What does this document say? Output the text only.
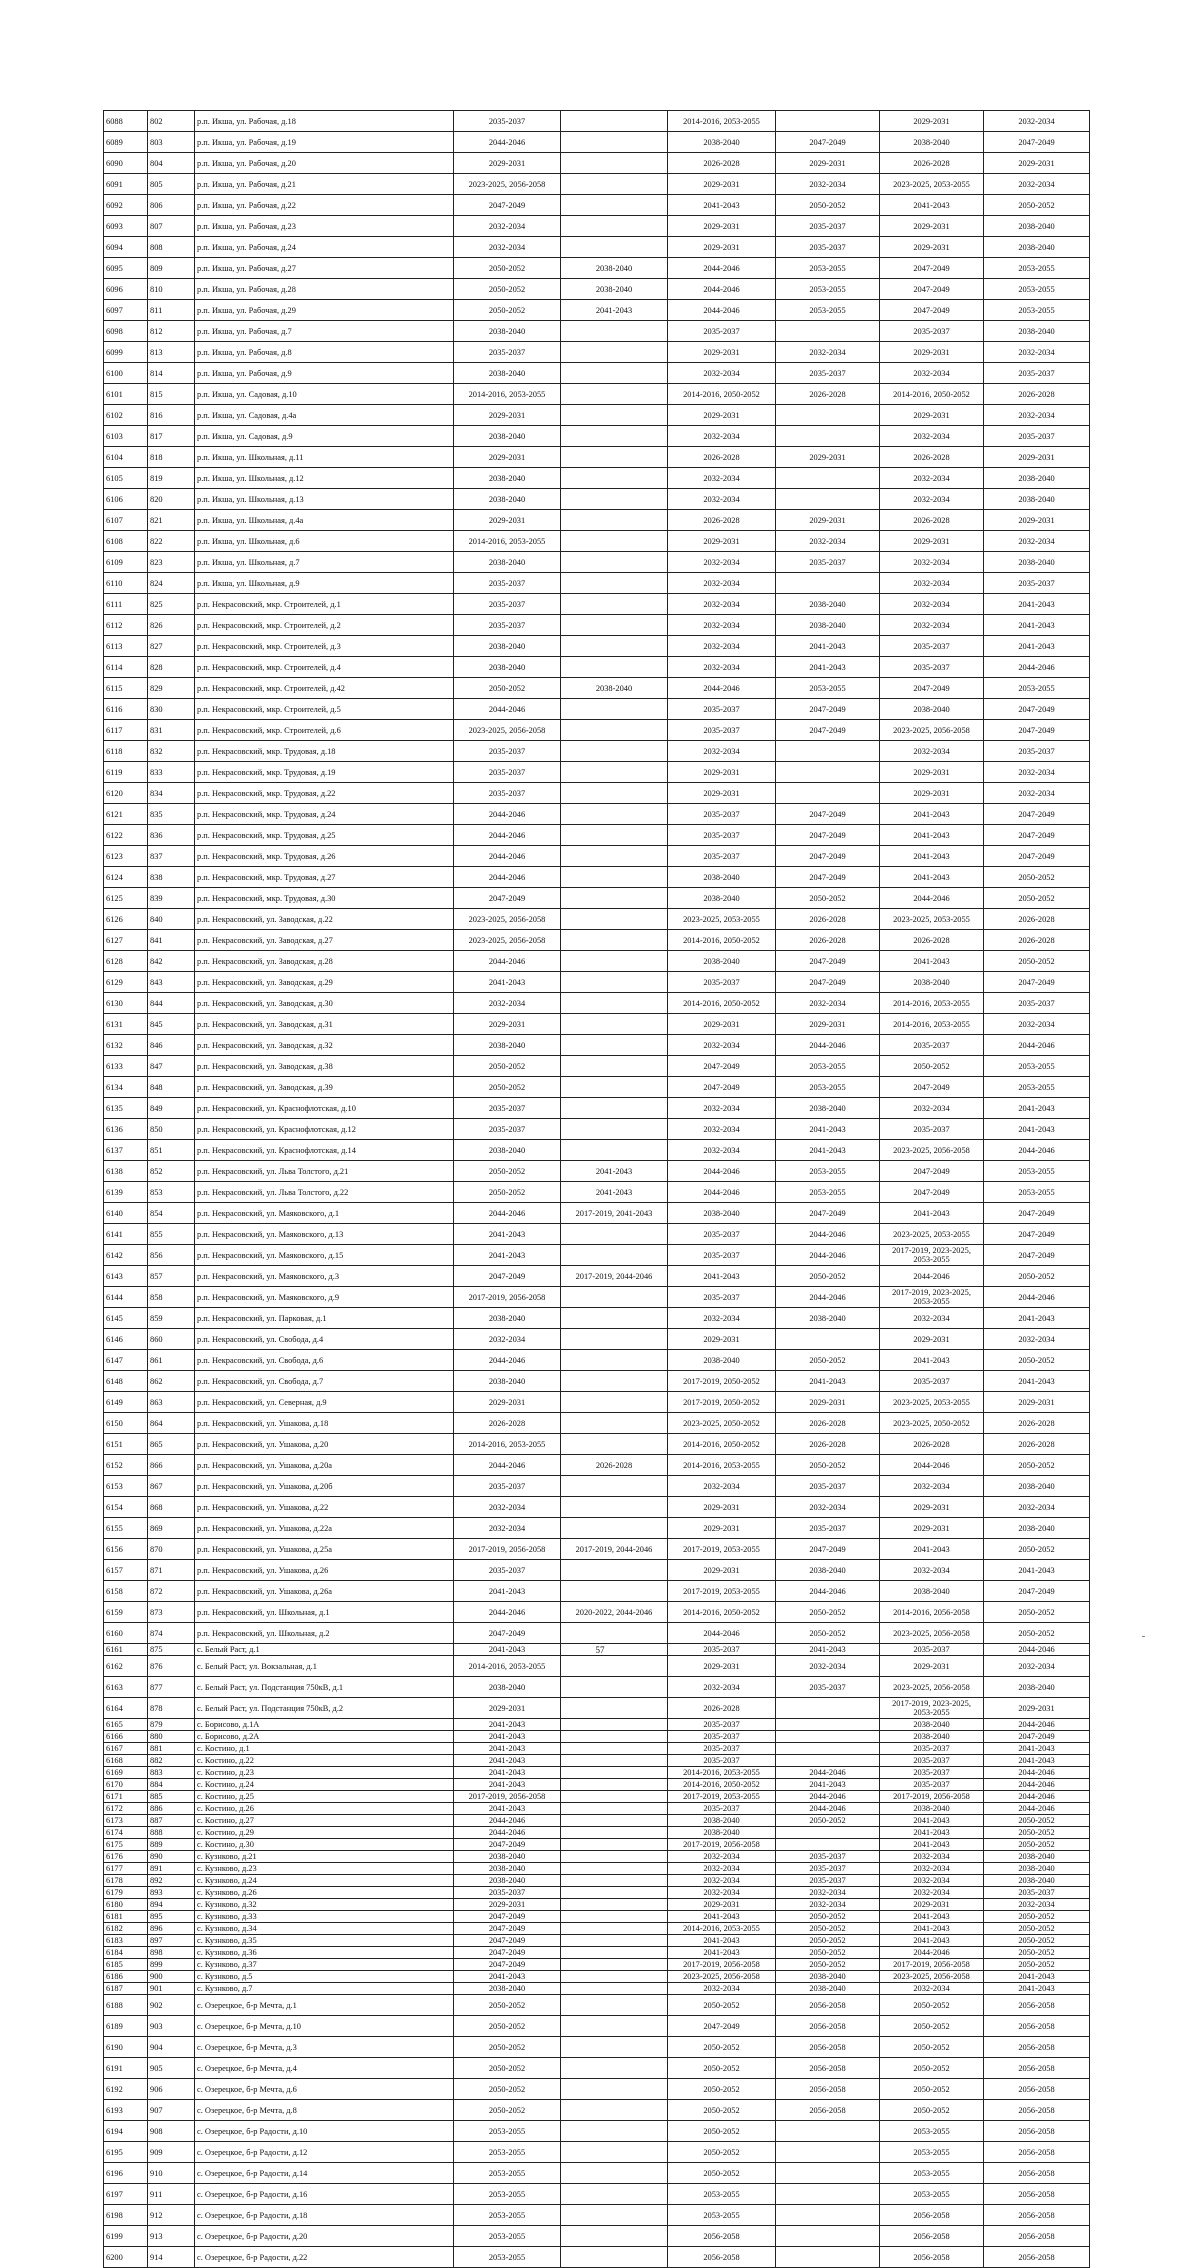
6088	802	р.п. Икша, ул. Рабочая, д.18	2035-2037		2014-2016, 2053-2055		2029-2031	2032-2034
6089	803	р.п. Икша, ул. Рабочая, д.19	2044-2046		2038-2040	2047-2049	2038-2040	2047-2049
6090	804	р.п. Икша, ул. Рабочая, д.20	2029-2031		2026-2028	2029-2031	2026-2028	2029-2031
6091	805	р.п. Икша, ул. Рабочая, д.21	2023-2025, 2056-2058		2029-2031	2032-2034	2023-2025, 2053-2055	2032-2034
6092	806	р.п. Икша, ул. Рабочая, д.22	2047-2049		2041-2043	2050-2052	2041-2043	2050-2052
6093	807	р.п. Икша, ул. Рабочая, д.23	2032-2034		2029-2031	2035-2037	2029-2031	2038-2040
6094	808	р.п. Икша, ул. Рабочая, д.24	2032-2034		2029-2031	2035-2037	2029-2031	2038-2040
6095	809	р.п. Икша, ул. Рабочая, д.27	2050-2052	2038-2040	2044-2046	2053-2055	2047-2049	2053-2055
6096	810	р.п. Икша, ул. Рабочая, д.28	2050-2052	2038-2040	2044-2046	2053-2055	2047-2049	2053-2055
6097	811	р.п. Икша, ул. Рабочая, д.29	2050-2052	2041-2043	2044-2046	2053-2055	2047-2049	2053-2055
6098	812	р.п. Икша, ул. Рабочая, д.7	2038-2040		2035-2037		2035-2037	2038-2040
6099	813	р.п. Икша, ул. Рабочая, д.8	2035-2037		2029-2031	2032-2034	2029-2031	2032-2034
6100	814	р.п. Икша, ул. Рабочая, д.9	2038-2040		2032-2034	2035-2037	2032-2034	2035-2037
6101	815	р.п. Икша, ул. Садовая, д.10	2014-2016, 2053-2055		2014-2016, 2050-2052	2026-2028	2014-2016, 2050-2052	2026-2028
6102	816	р.п. Икша, ул. Садовая, д.4а	2029-2031		2029-2031		2029-2031	2032-2034
6103	817	р.п. Икша, ул. Садовая, д.9	2038-2040		2032-2034		2032-2034	2035-2037
6104	818	р.п. Икша, ул. Школьная, д.11	2029-2031		2026-2028	2029-2031	2026-2028	2029-2031
6105	819	р.п. Икша, ул. Школьная, д.12	2038-2040		2032-2034		2032-2034	2038-2040
6106	820	р.п. Икша, ул. Школьная, д.13	2038-2040		2032-2034		2032-2034	2038-2040
6107	821	р.п. Икша, ул. Школьная, д.4а	2029-2031		2026-2028	2029-2031	2026-2028	2029-2031
6108	822	р.п. Икша, ул. Школьная, д.6	2014-2016, 2053-2055		2029-2031	2032-2034	2029-2031	2032-2034
6109	823	р.п. Икша, ул. Школьная, д.7	2038-2040		2032-2034	2035-2037	2032-2034	2038-2040
6110	824	р.п. Икша, ул. Школьная, д.9	2035-2037		2032-2034		2032-2034	2035-2037
6111	825	р.п. Некрасовский, мкр. Строителей, д.1	2035-2037		2032-2034	2038-2040	2032-2034	2041-2043
6112	826	р.п. Некрасовский, мкр. Строителей, д.2	2035-2037		2032-2034	2038-2040	2032-2034	2041-2043
6113	827	р.п. Некрасовский, мкр. Строителей, д.3	2038-2040		2032-2034	2041-2043	2035-2037	2041-2043
6114	828	р.п. Некрасовский, мкр. Строителей, д.4	2038-2040		2032-2034	2041-2043	2035-2037	2044-2046
6115	829	р.п. Некрасовский, мкр. Строителей, д.42	2050-2052	2038-2040	2044-2046	2053-2055	2047-2049	2053-2055
6116	830	р.п. Некрасовский, мкр. Строителей, д.5	2044-2046		2035-2037	2047-2049	2038-2040	2047-2049
6117	831	р.п. Некрасовский, мкр. Строителей, д.6	2023-2025, 2056-2058		2035-2037	2047-2049	2023-2025, 2056-2058	2047-2049
6118	832	р.п. Некрасовский, мкр. Трудовая, д.18	2035-2037		2032-2034		2032-2034	2035-2037
6119	833	р.п. Некрасовский, мкр. Трудовая, д.19	2035-2037		2029-2031		2029-2031	2032-2034
6120	834	р.п. Некрасовский, мкр. Трудовая, д.22	2035-2037		2029-2031		2029-2031	2032-2034
6121	835	р.п. Некрасовский, мкр. Трудовая, д.24	2044-2046		2035-2037	2047-2049	2041-2043	2047-2049
6122	836	р.п. Некрасовский, мкр. Трудовая, д.25	2044-2046		2035-2037	2047-2049	2041-2043	2047-2049
6123	837	р.п. Некрасовский, мкр. Трудовая, д.26	2044-2046		2035-2037	2047-2049	2041-2043	2047-2049
6124	838	р.п. Некрасовский, мкр. Трудовая, д.27	2044-2046		2038-2040	2047-2049	2041-2043	2050-2052
6125	839	р.п. Некрасовский, мкр. Трудовая, д.30	2047-2049		2038-2040	2050-2052	2044-2046	2050-2052
6126	840	р.п. Некрасовский, ул. Заводская, д.22	2023-2025, 2056-2058		2023-2025, 2053-2055	2026-2028	2023-2025, 2053-2055	2026-2028
6127	841	р.п. Некрасовский, ул. Заводская, д.27	2023-2025, 2056-2058		2014-2016, 2050-2052	2026-2028	2026-2028	2026-2028
6128	842	р.п. Некрасовский, ул. Заводская, д.28	2044-2046		2038-2040	2047-2049	2041-2043	2050-2052
6129	843	р.п. Некрасовский, ул. Заводская, д.29	2041-2043		2035-2037	2047-2049	2038-2040	2047-2049
6130	844	р.п. Некрасовский, ул. Заводская, д.30	2032-2034		2014-2016, 2050-2052	2032-2034	2014-2016, 2053-2055	2035-2037
6131	845	р.п. Некрасовский, ул. Заводская, д.31	2029-2031		2029-2031	2029-2031	2014-2016, 2053-2055	2032-2034
6132	846	р.п. Некрасовский, ул. Заводская, д.32	2038-2040		2032-2034	2044-2046	2035-2037	2044-2046
6133	847	р.п. Некрасовский, ул. Заводская, д.38	2050-2052		2047-2049	2053-2055	2050-2052	2053-2055
6134	848	р.п. Некрасовский, ул. Заводская, д.39	2050-2052		2047-2049	2053-2055	2047-2049	2053-2055
6135	849	р.п. Некрасовский, ул. Краснофлотская, д.10	2035-2037		2032-2034	2038-2040	2032-2034	2041-2043
6136	850	р.п. Некрасовский, ул. Краснофлотская, д.12	2035-2037		2032-2034	2041-2043	2035-2037	2041-2043
6137	851	р.п. Некрасовский, ул. Краснофлотская, д.14	2038-2040		2032-2034	2041-2043	2023-2025, 2056-2058	2044-2046
6138	852	р.п. Некрасовский, ул. Льва Толстого, д.21	2050-2052	2041-2043	2044-2046	2053-2055	2047-2049	2053-2055
6139	853	р.п. Некрасовский, ул. Льва Толстого, д.22	2050-2052	2041-2043	2044-2046	2053-2055	2047-2049	2053-2055
6140	854	р.п. Некрасовский, ул. Маяковского, д.1	2044-2046	2017-2019, 2041-2043	2038-2040	2047-2049	2041-2043	2047-2049
6141	855	р.п. Некрасовский, ул. Маяковского, д.13	2041-2043		2035-2037	2044-2046	2023-2025, 2053-2055	2047-2049
6142	856	р.п. Некрасовский, ул. Маяковского, д.15	2041-2043		2035-2037	2044-2046	2017-2019, 2023-2025, 2053-2055	2047-2049
6143	857	р.п. Некрасовский, ул. Маяковского, д.3	2047-2049	2017-2019, 2044-2046	2041-2043	2050-2052	2044-2046	2050-2052
6144	858	р.п. Некрасовский, ул. Маяковского, д.9	2017-2019, 2056-2058		2035-2037	2044-2046	2017-2019, 2023-2025, 2053-2055	2044-2046
6145	859	р.п. Некрасовский, ул. Парковая, д.1	2038-2040		2032-2034	2038-2040	2032-2034	2041-2043
6146	860	р.п. Некрасовский, ул. Свобода, д.4	2032-2034		2029-2031		2029-2031	2032-2034
6147	861	р.п. Некрасовский, ул. Свобода, д.6	2044-2046		2038-2040	2050-2052	2041-2043	2050-2052
6148	862	р.п. Некрасовский, ул. Свобода, д.7	2038-2040		2017-2019, 2050-2052	2041-2043	2035-2037	2041-2043
6149	863	р.п. Некрасовский, ул. Северная, д.9	2029-2031		2017-2019, 2050-2052	2029-2031	2023-2025, 2053-2055	2029-2031
6150	864	р.п. Некрасовский, ул. Ушакова, д.18	2026-2028		2023-2025, 2050-2052	2026-2028	2023-2025, 2050-2052	2026-2028
6151	865	р.п. Некрасовский, ул. Ушакова, д.20	2014-2016, 2053-2055		2014-2016, 2050-2052	2026-2028	2026-2028	2026-2028
6152	866	р.п. Некрасовский, ул. Ушакова, д.20а	2044-2046	2026-2028	2014-2016, 2053-2055	2050-2052	2044-2046	2050-2052
6153	867	р.п. Некрасовский, ул. Ушакова, д.20б	2035-2037		2032-2034	2035-2037	2032-2034	2038-2040
6154	868	р.п. Некрасовский, ул. Ушакова, д.22	2032-2034		2029-2031	2032-2034	2029-2031	2032-2034
6155	869	р.п. Некрасовский, ул. Ушакова, д.22а	2032-2034		2029-2031	2035-2037	2029-2031	2038-2040
6156	870	р.п. Некрасовский, ул. Ушакова, д.25а	2017-2019, 2056-2058	2017-2019, 2044-2046	2017-2019, 2053-2055	2047-2049	2041-2043	2050-2052
6157	871	р.п. Некрасовский, ул. Ушакова, д.26	2035-2037		2029-2031	2038-2040	2032-2034	2041-2043
6158	872	р.п. Некрасовский, ул. Ушакова, д.26а	2041-2043		2017-2019, 2053-2055	2044-2046	2038-2040	2047-2049
6159	873	р.п. Некрасовский, ул. Школьная, д.1	2044-2046	2020-2022, 2044-2046	2014-2016, 2050-2052	2050-2052	2014-2016, 2056-2058	2050-2052
6160	874	р.п. Некрасовский, ул. Школьная, д.2	2047-2049		2044-2046	2050-2052	2023-2025, 2056-2058	2050-2052
6161	875	с. Белый Раст, д.1	2041-2043		2035-2037	2041-2043	2035-2037	2044-2046
6162	876	с. Белый Раст, ул. Вокзальная, д.1	2014-2016, 2053-2055		2029-2031	2032-2034	2029-2031	2032-2034
6163	877	с. Белый Раст, ул. Подстанция 750кВ, д.1	2038-2040		2032-2034	2035-2037	2023-2025, 2056-2058	2038-2040
6164	878	с. Белый Раст, ул. Подстанция 750кВ, д.2	2029-2031		2026-2028		2017-2019, 2023-2025, 2053-2055	2029-2031
6165	879	с. Борисово, д.1А	2041-2043		2035-2037		2038-2040	2044-2046
6166	880	с. Борисово, д.2А	2041-2043		2035-2037		2038-2040	2047-2049
6167	881	с. Костино, д.1	2041-2043		2035-2037		2035-2037	2041-2043
6168	882	с. Костино, д.22	2041-2043		2035-2037		2035-2037	2041-2043
6169	883	с. Костино, д.23	2041-2043		2014-2016, 2053-2055	2044-2046	2035-2037	2044-2046
6170	884	с. Костино, д.24	2041-2043		2014-2016, 2050-2052	2041-2043	2035-2037	2044-2046
6171	885	с. Костино, д.25	2017-2019, 2056-2058		2017-2019, 2053-2055	2044-2046	2017-2019, 2056-2058	2044-2046
6172	886	с. Костино, д.26	2041-2043		2035-2037	2044-2046	2038-2040	2044-2046
6173	887	с. Костино, д.27	2044-2046		2038-2040	2050-2052	2041-2043	2050-2052
6174	888	с. Костино, д.29	2044-2046		2038-2040		2041-2043	2050-2052
6175	889	с. Костино, д.30	2047-2049		2017-2019, 2056-2058		2041-2043	2050-2052
6176	890	с. Кузнково, д.21	2038-2040		2032-2034	2035-2037	2032-2034	2038-2040
6177	891	с. Кузнково, д.23	2038-2040		2032-2034	2035-2037	2032-2034	2038-2040
6178	892	с. Кузнково, д.24	2038-2040		2032-2034	2035-2037	2032-2034	2038-2040
6179	893	с. Кузнково, д.26	2035-2037		2032-2034	2032-2034	2032-2034	2035-2037
6180	894	с. Кузнково, д.32	2029-2031		2029-2031	2032-2034	2029-2031	2032-2034
6181	895	с. Кузнково, д.33	2047-2049		2041-2043	2050-2052	2041-2043	2050-2052
6182	896	с. Кузнково, д.34	2047-2049		2014-2016, 2053-2055	2050-2052	2041-2043	2050-2052
6183	897	с. Кузнково, д.35	2047-2049		2041-2043	2050-2052	2041-2043	2050-2052
6184	898	с. Кузнково, д.36	2047-2049		2041-2043	2050-2052	2044-2046	2050-2052
6185	899	с. Кузнково, д.37	2047-2049		2017-2019, 2056-2058	2050-2052	2017-2019, 2056-2058	2050-2052
6186	900	с. Кузнково, д.5	2041-2043		2023-2025, 2056-2058	2038-2040	2023-2025, 2056-2058	2041-2043
6187	901	с. Кузнково, д.7	2038-2040		2032-2034	2038-2040	2032-2034	2041-2043
6188	902	с. Озерецкое, б-р Мечта, д.1	2050-2052		2050-2052	2056-2058	2050-2052	2056-2058
6189	903	с. Озерецкое, б-р Мечта, д.10	2050-2052		2047-2049	2056-2058	2050-2052	2056-2058
6190	904	с. Озерецкое, б-р Мечта, д.3	2050-2052		2050-2052	2056-2058	2050-2052	2056-2058
6191	905	с. Озерецкое, б-р Мечта, д.4	2050-2052		2050-2052	2056-2058	2050-2052	2056-2058
6192	906	с. Озерецкое, б-р Мечта, д.6	2050-2052		2050-2052	2056-2058	2050-2052	2056-2058
6193	907	с. Озерецкое, б-р Мечта, д.8	2050-2052		2050-2052	2056-2058	2050-2052	2056-2058
6194	908	с. Озерецкое, б-р Радости, д.10	2053-2055		2050-2052		2053-2055	2056-2058
6195	909	с. Озерецкое, б-р Радости, д.12	2053-2055		2050-2052		2053-2055	2056-2058
6196	910	с. Озерецкое, б-р Радости, д.14	2053-2055		2050-2052		2053-2055	2056-2058
6197	911	с. Озерецкое, б-р Радости, д.16	2053-2055		2053-2055		2053-2055	2056-2058
6198	912	с. Озерецкое, б-р Радости, д.18	2053-2055		2053-2055		2056-2058	2056-2058
6199	913	с. Озерецкое, б-р Радости, д.20	2053-2055		2056-2058		2056-2058	2056-2058
6200	914	с. Озерецкое, б-р Радости, д.22	2053-2055		2056-2058		2056-2058	2056-2058
57
